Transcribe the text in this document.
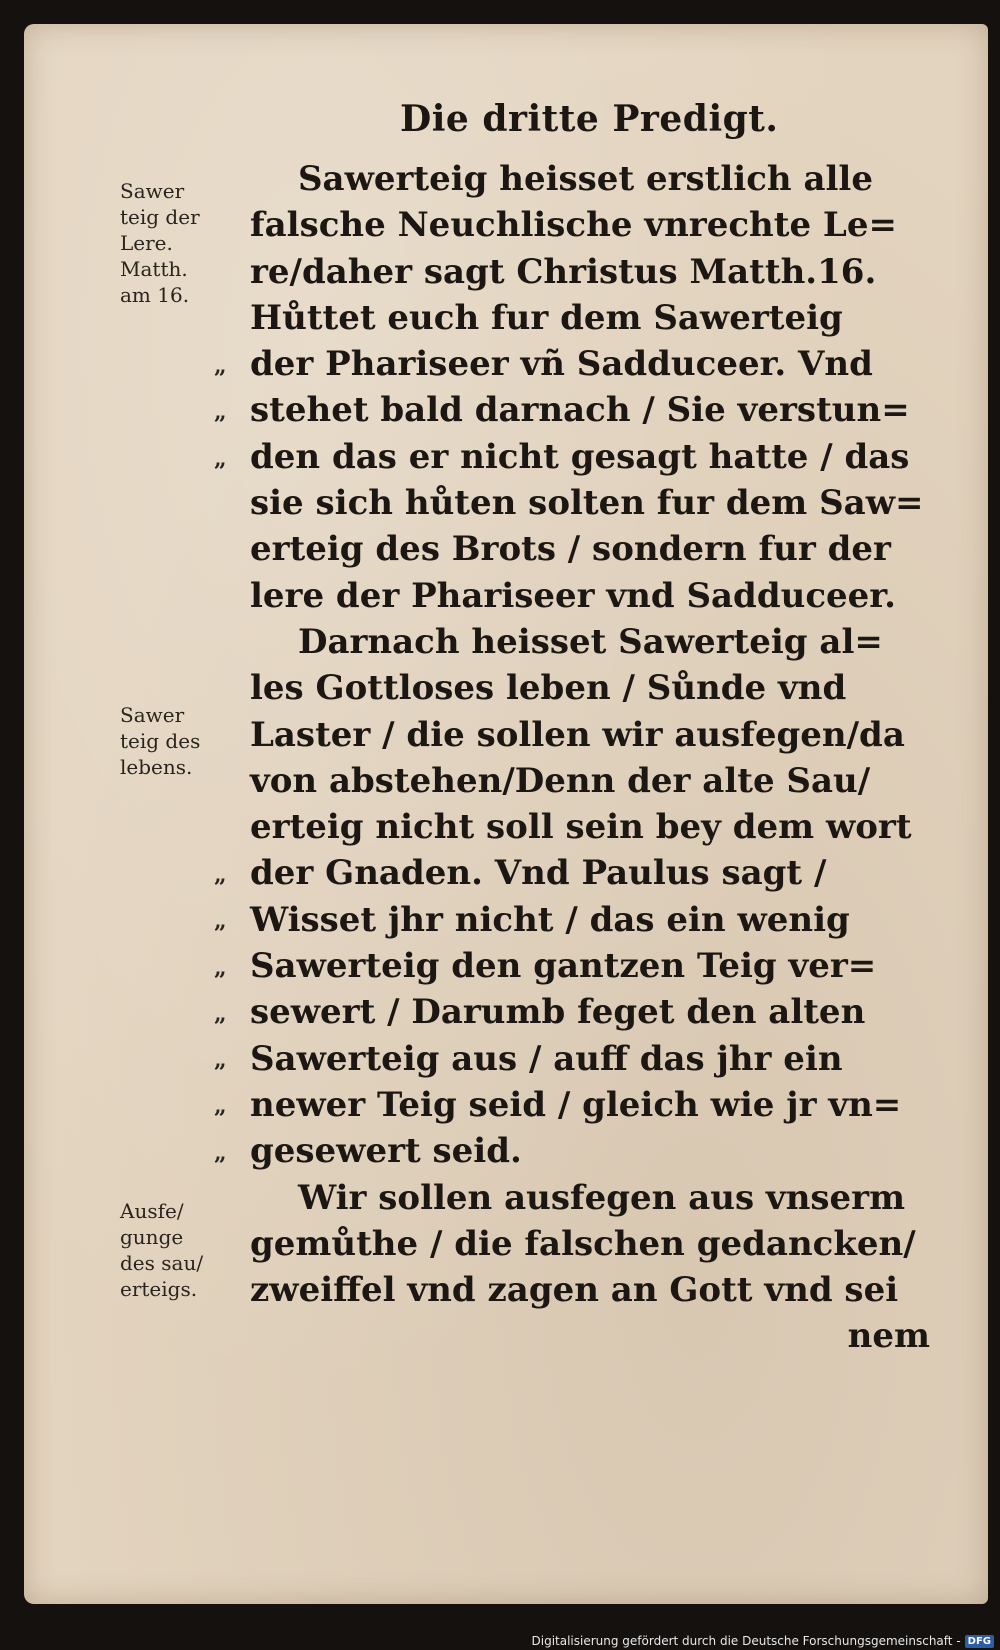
Die dritte Predigt.
Sawerteig heisset erstlich alle
falsche Neuchlische vnrechte Le=
re/daher sagt Christus Matth.16.
Hůttet euch fur dem Sawerteig
der Phariseer vñ Sadduceer. Vnd
stehet bald darnach / Sie verstun=
den das er nicht gesagt hatte / das
sie sich hůten solten fur dem Saw=
erteig des Brots / sondern fur der
lere der Phariseer vnd Sadduceer.
Darnach heisset Sawerteig al=
les Gottloses leben / Sůnde vnd
Laster / die sollen wir ausfegen/da
von abstehen/Denn der alte Sau/
erteig nicht soll sein bey dem wort
der Gnaden. Vnd Paulus sagt /
Wisset jhr nicht / das ein wenig
Sawerteig den gantzen Teig ver=
sewert / Darumb feget den alten
Sawerteig aus / auff das jhr ein
newer Teig seid / gleich wie jr vn=
gesewert seid.
Wir sollen ausfegen aus vnserm
gemůthe / die falschen gedancken/
zweiffel vnd zagen an Gott vnd sei
nem
Sawer
teig der
Lere.
Matth.
am 16.
Sawer
teig des
lebens.
Ausfe/
gunge
des sau/
erteigs.
„
„
„
„
„
„
„
„
„
„
Digitalisierung gefördert durch die Deutsche Forschungsgemeinschaft - DFG
